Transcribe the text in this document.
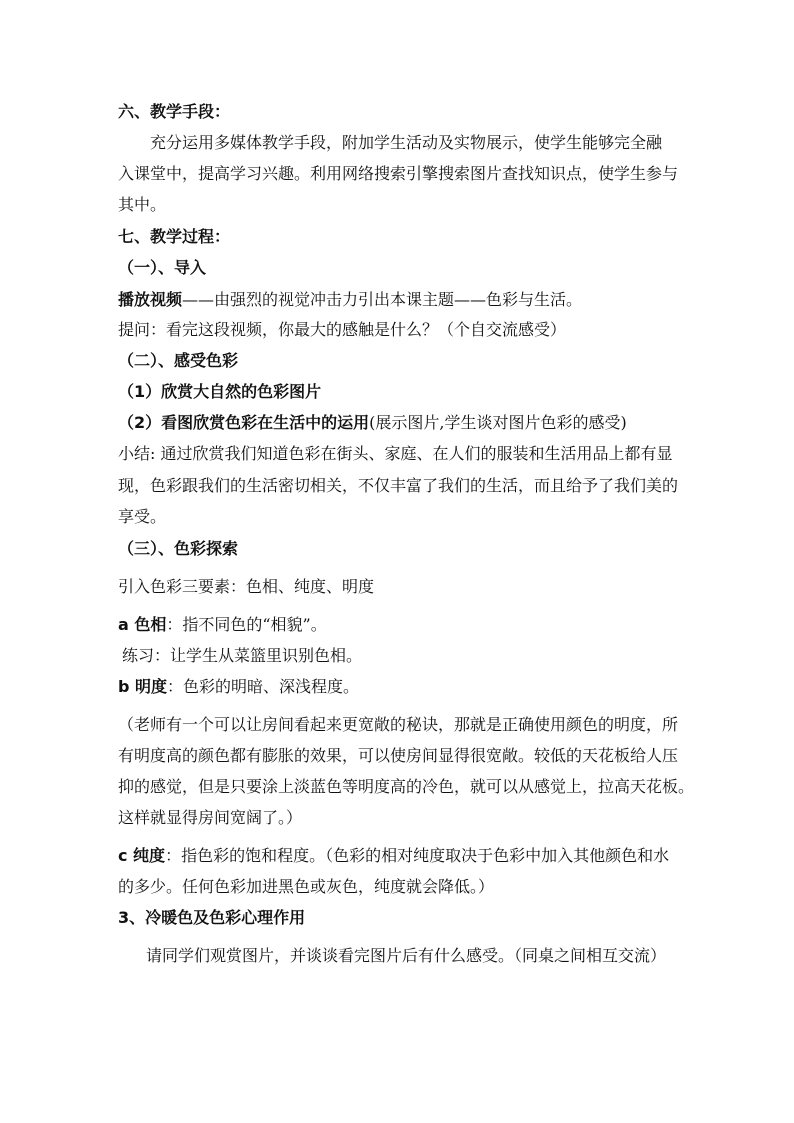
六、教学手段：
充分运用多媒体教学手段，附加学生活动及实物展示，使学生能够完全融
入课堂中，提高学习兴趣。利用网络搜索引擎搜索图片查找知识点，使学生参与
其中。
七、教学过程：
（一）、导入
播放视频——由强烈的视觉冲击力引出本课主题——色彩与生活。
提问：看完这段视频，你最大的感触是什么？（个自交流感受）
（二）、感受色彩
（1）欣赏大自然的色彩图片
（2）看图欣赏色彩在生活中的运用(展示图片,学生谈对图片色彩的感受)
小结: 通过欣赏我们知道色彩在街头、家庭、在人们的服装和生活用品上都有显
现，色彩跟我们的生活密切相关，不仅丰富了我们的生活，而且给予了我们美的
享受。
（三）、色彩探索
引入色彩三要素：色相、纯度、明度
a 色相：指不同色的“相貌”。
练习：让学生从菜篮里识别色相。
b 明度：色彩的明暗、深浅程度。
（老师有一个可以让房间看起来更宽敞的秘诀，那就是正确使用颜色的明度，所
有明度高的颜色都有膨胀的效果，可以使房间显得很宽敞。较低的天花板给人压
抑的感觉，但是只要涂上淡蓝色等明度高的冷色，就可以从感觉上，拉高天花板。
这样就显得房间宽阔了。）
c 纯度：指色彩的饱和程度。（色彩的相对纯度取决于色彩中加入其他颜色和水
的多少。任何色彩加进黑色或灰色，纯度就会降低。）
3、冷暖色及色彩心理作用
请同学们观赏图片，并谈谈看完图片后有什么感受。（同桌之间相互交流）
